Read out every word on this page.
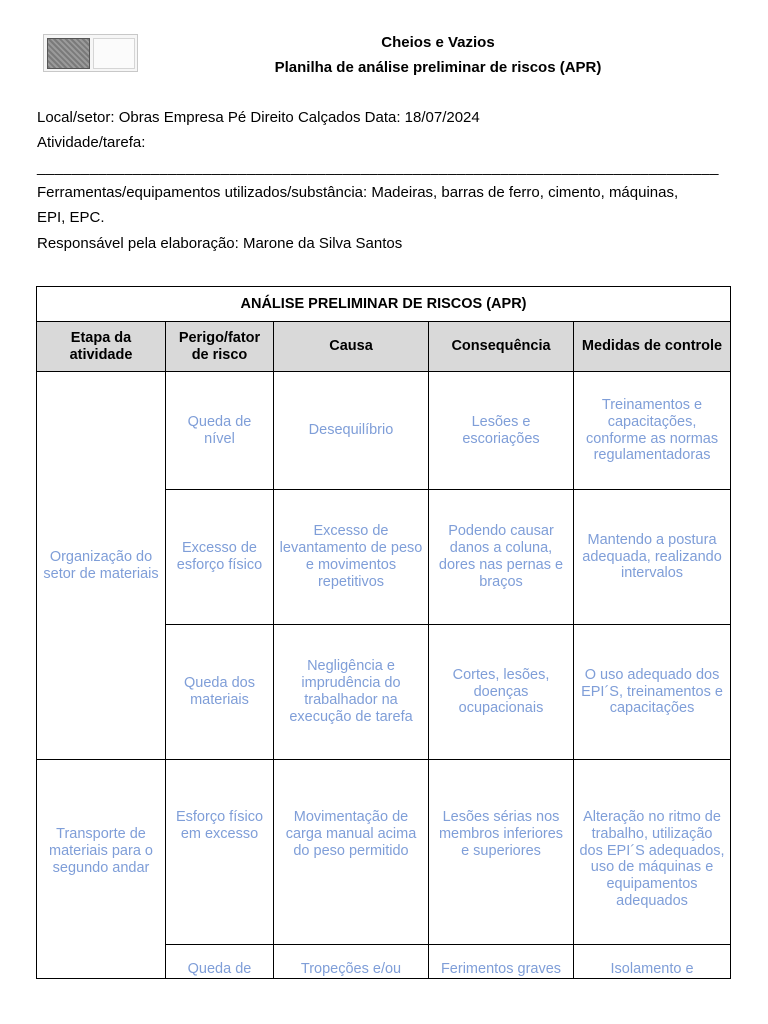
Cheios e Vazios
Planilha de análise preliminar de riscos (APR)
Local/setor: Obras Empresa Pé Direito Calçados Data: 18/07/2024
Atividade/tarefa:
______________________________________________________________________________
Ferramentas/equipamentos utilizados/substância: Madeiras, barras de ferro, cimento, máquinas,
EPI, EPC.
Responsável pela elaboração: Marone da Silva Santos
ANÁLISE PRELIMINAR DE RISCOS (APR)				
Etapa da atividade	Perigo/fator de risco	Causa	Consequência	Medidas de controle
Organização do setor de materiais	Queda de nível	Desequilíbrio	Lesões e escoriações	Treinamentos e capacitações, conforme as normas regulamentadoras
	Excesso de esforço físico	Excesso de levantamento de peso e movimentos repetitivos	Podendo causar danos a coluna, dores nas pernas e braços	Mantendo a postura adequada, realizando intervalos
	Queda dos materiais	Negligência e imprudência do trabalhador na execução de tarefa	Cortes, lesões, doenças ocupacionais	O uso adequado dos EPI´S, treinamentos e capacitações
Transporte de materiais para o segundo andar	Esforço físico em excesso	Movimentação de carga manual acima do peso permitido	Lesões sérias nos membros inferiores e superiores	Alteração no ritmo de trabalho, utilização dos EPI´S adequados, uso de máquinas e equipamentos adequados
	Queda de	Tropeções e/ou	Ferimentos graves	Isolamento e
